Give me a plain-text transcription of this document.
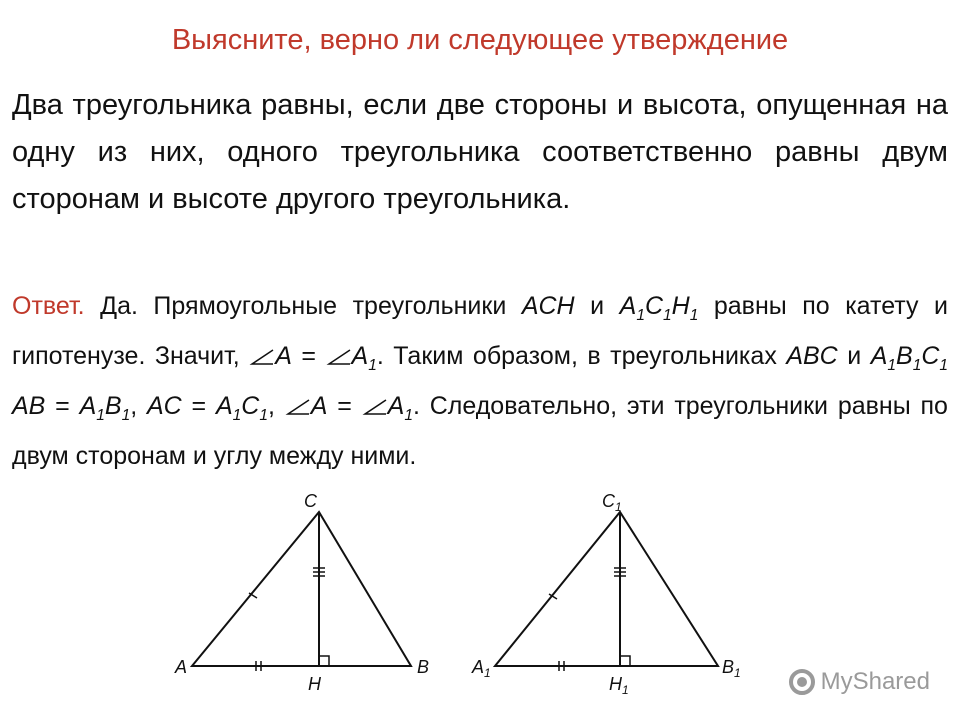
Выясните, верно ли следующее утверждение
Два треугольника равны, если две стороны и высота, опущенная на одну из них, одного треугольника соответственно равны двум сторонам и высоте другого треугольника.
Ответ. Да. Прямоугольные треугольники ACH и $A_1C_1H_1$ равны по катету и гипотенузе. Значит, $A = A_1$. Таким образом, в треугольниках ABC и $A_1B_1C_1$ AB = $A_1B_1$, AC = $A_1C_1$, $A = A_1$. Следовательно, эти треугольники равны по двум сторонам и углу между ними.
A	B
C
H
$A_1$	$B_1$
$C_1$
$H_1$	MyShared
